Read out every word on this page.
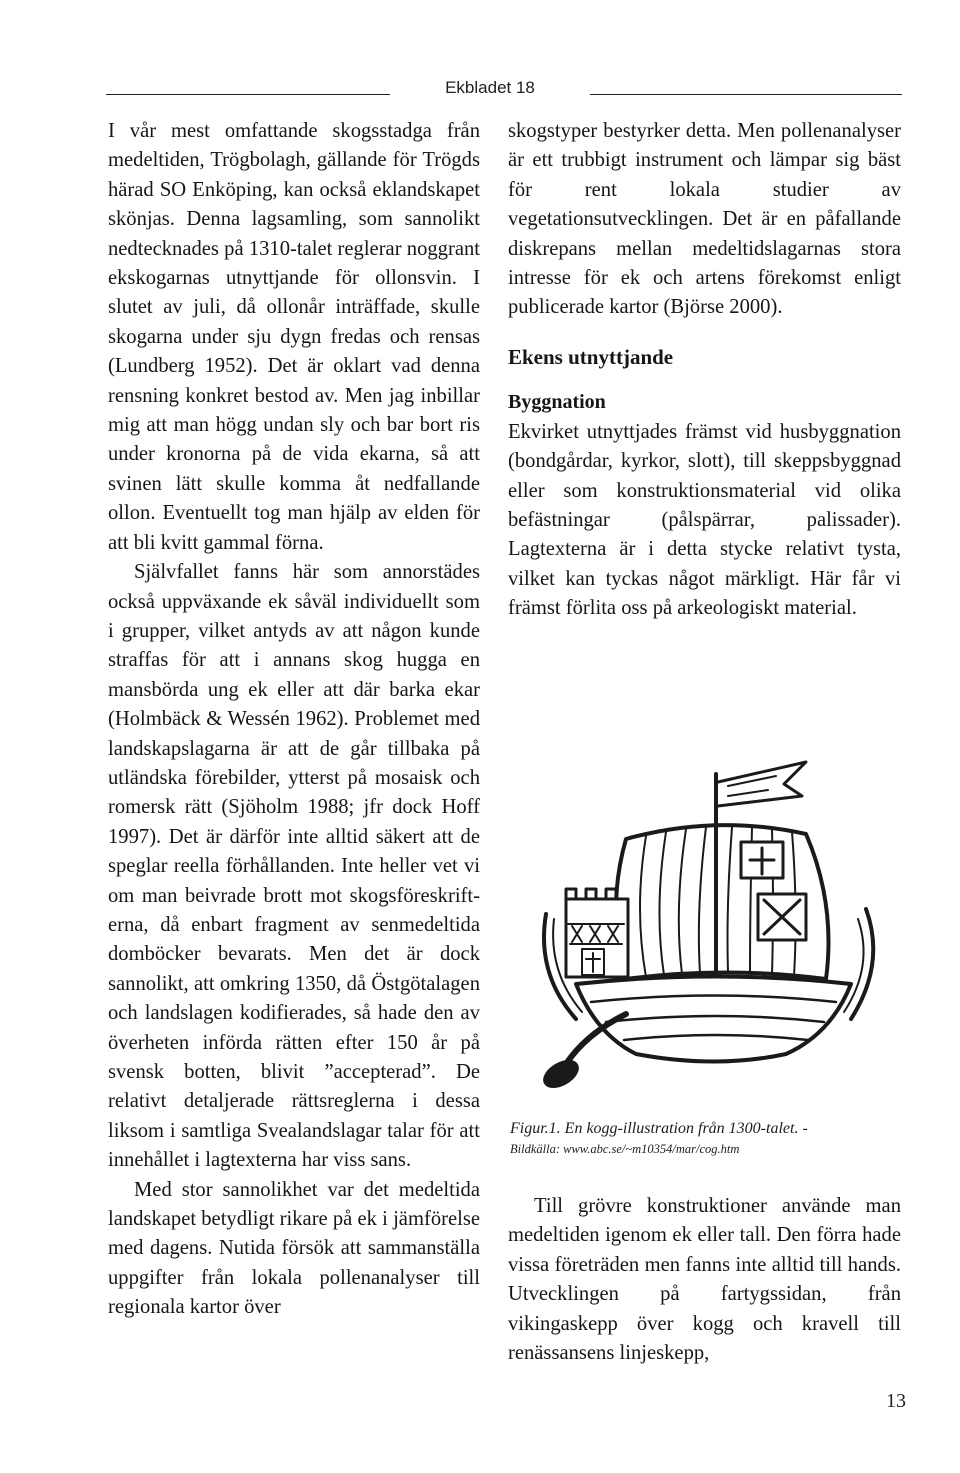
Ekbladet 18

I vår mest omfattande skogsstadga från medeltiden, Trögbolagh, gällande för Trögds härad SO Enköping, kan också eklandskapet skönjas. Denna lagsamling, som sannolikt nedtecknades på 1310-talet reglerar noggrant ekskogarnas utnyttjande för ollonsvin. I slutet av juli, då ollonår inträffade, skulle skogarna under sju dygn fredas och rensas (Lundberg 1952). Det är oklart vad denna rensning konkret bestod av. Men jag inbillar mig att man högg undan sly och bar bort ris under kronorna på de vida ekarna, så att svinen lätt skulle komma åt nedfallande ollon. Eventuellt tog man hjälp av elden för att bli kvitt gammal förna.

Självfallet fanns här som annorstädes också uppväxande ek såväl individuellt som i grupper, vilket antyds av att någon kunde straffas för att i annans skog hugga en mansbörda ung ek eller att där barka ekar (Holmbäck & Wessén 1962). Problemet med landskapslagarna är att de går tillbaka på utländska förebilder, ytterst på mosaisk och romersk rätt (Sjöholm 1988; jfr dock Hoff 1997). Det är därför inte alltid säkert att de speglar reella förhållanden. Inte heller vet vi om man beivrade brott mot skogsföreskrifterna, då enbart fragment av senmedeltida domböcker bevarats. Men det är dock sannolikt, att omkring 1350, då Östgötalagen och landslagen kodifierades, så hade den av överheten införda rätten efter 150 år på svensk botten, blivit ”accepterad”. De relativt detaljerade rättsreglerna i dessa liksom i samtliga Svealandslagar talar för att innehållet i lagtexterna har viss sans.

Med stor sannolikhet var det medeltida landskapet betydligt rikare på ek i jämförelse med dagens. Nutida försök att sammanställa uppgifter från lokala pollenanalyser till regionala kartor över

skogstyper bestyrker detta. Men pollenanalyser är ett trubbigt instrument och lämpar sig bäst för rent lokala studier av vegetationsutvecklingen. Det är en påfallande diskrepans mellan medeltidslagarnas stora intresse för ek och artens förekomst enligt publicerade kartor (Björse 2000).

Ekens utnyttjande
Byggnation

Ekvirket utnyttjades främst vid husbyggnation (bondgårdar, kyrkor, slott), till skeppsbyggnad eller som konstruktionsmaterial vid olika befästningar (pålspärrar, palissader). Lagtexterna är i detta stycke relativt tysta, vilket kan tyckas något märkligt. Här får vi främst förlita oss på arkeologiskt material.

Figur.1. En kogg-illustration från 1300-talet. -
Bildkälla: www.abc.se/~m10354/mar/cog.htm

Till grövre konstruktioner använde man medeltiden igenom ek eller tall. Den förra hade vissa företräden men fanns inte alltid till hands. Utvecklingen på fartygssidan, från vikingaskepp över kogg och kravell till renässansens linjeskepp,

13
